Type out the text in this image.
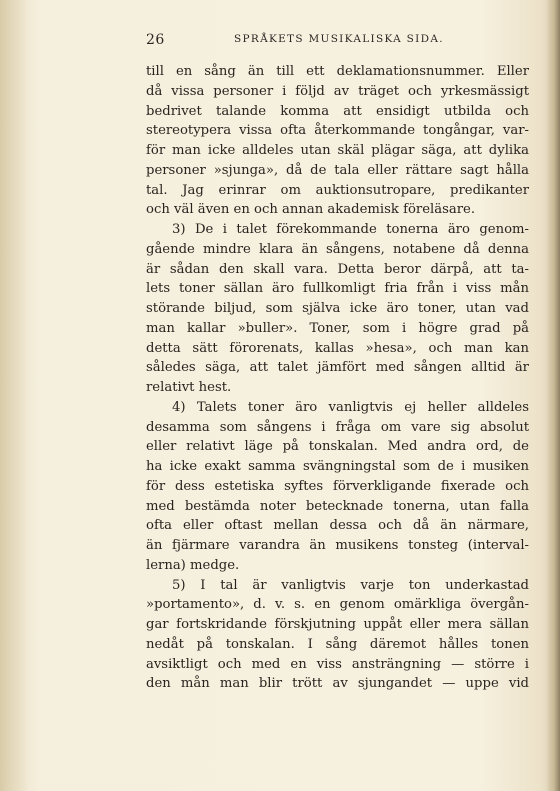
26	SPRÅKETS MUSIKALISKA SIDA.
till en sång än till ett deklamationsnummer. Eller
då vissa personer i följd av träget och yrkesmässigt
bedrivet talande komma att ensidigt utbilda och
stereotypera vissa ofta återkommande tongångar, var-
för man icke alldeles utan skäl plägar säga, att dylika
personer »sjunga», då de tala eller rättare sagt hålla
tal. Jag erinrar om auktionsutropare, predikanter
och väl även en och annan akademisk föreläsare.
3) De i talet förekommande tonerna äro genom-
gående mindre klara än sångens, notabene då denna
är sådan den skall vara. Detta beror därpå, att ta-
lets toner sällan äro fullkomligt fria från i viss mån
störande biljud, som själva icke äro toner, utan vad
man kallar »buller». Toner, som i högre grad på
detta sätt förorenats, kallas »hesa», och man kan
således säga, att talet jämfört med sången alltid är
relativt hest.
4) Talets toner äro vanligtvis ej heller alldeles
desamma som sångens i fråga om vare sig absolut
eller relativt läge på tonskalan. Med andra ord, de
ha icke exakt samma svängningstal som de i musiken
för dess estetiska syftes förverkligande fixerade och
med bestämda noter betecknade tonerna, utan falla
ofta eller oftast mellan dessa och då än närmare,
än fjärmare varandra än musikens tonsteg (interval-
lerna) medge.
5) I tal är vanligtvis varje ton underkastad
»portamento», d. v. s. en genom omärkliga övergån-
gar fortskridande förskjutning uppåt eller mera sällan
nedåt på tonskalan. I sång däremot hålles tonen
avsiktligt och med en viss ansträngning — större i
den mån man blir trött av sjungandet — uppe vid
